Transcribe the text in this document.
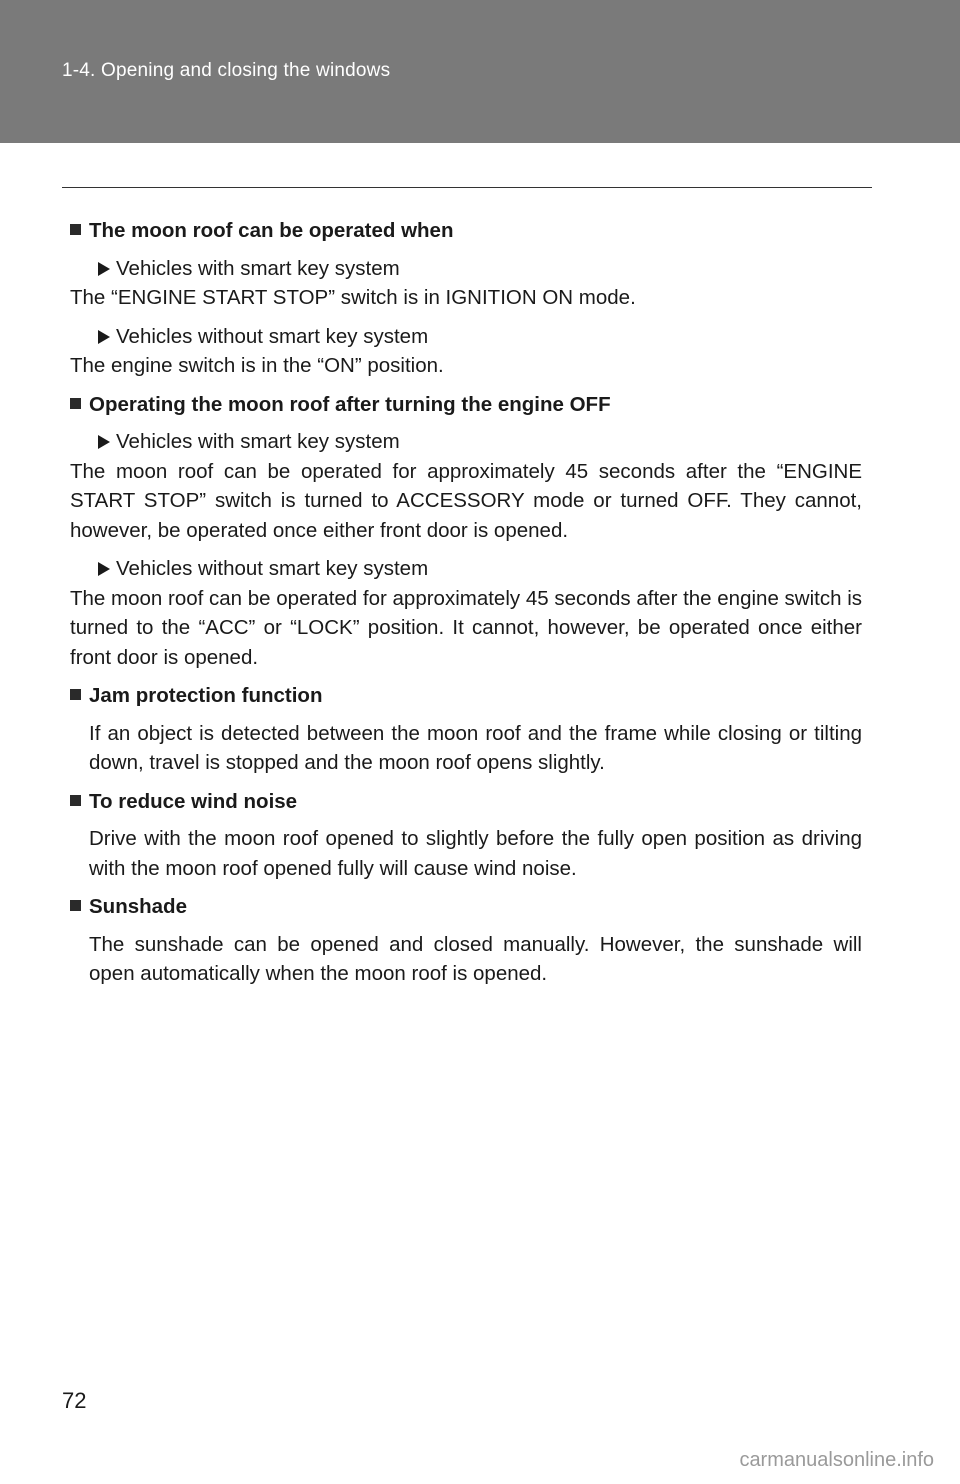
1-4. Opening and closing the windows
The moon roof can be operated when
Vehicles with smart key system
The “ENGINE START STOP” switch is in IGNITION ON mode.
Vehicles without smart key system
The engine switch is in the “ON” position.
Operating the moon roof after turning the engine OFF
Vehicles with smart key system
The moon roof can be operated for approximately 45 seconds after the “ENGINE START STOP” switch is turned to ACCESSORY mode or turned OFF. They cannot, however, be operated once either front door is opened.
Vehicles without smart key system
The moon roof can be operated for approximately 45 seconds after the engine switch is turned to the “ACC” or “LOCK” position. It cannot, however, be operated once either front door is opened.
Jam protection function
If an object is detected between the moon roof and the frame while closing or tilting down, travel is stopped and the moon roof opens slightly.
To reduce wind noise
Drive with the moon roof opened to slightly before the fully open position as driving with the moon roof opened fully will cause wind noise.
Sunshade
The sunshade can be opened and closed manually. However, the sunshade will open automatically when the moon roof is opened.
72
carmanualsonline.info
